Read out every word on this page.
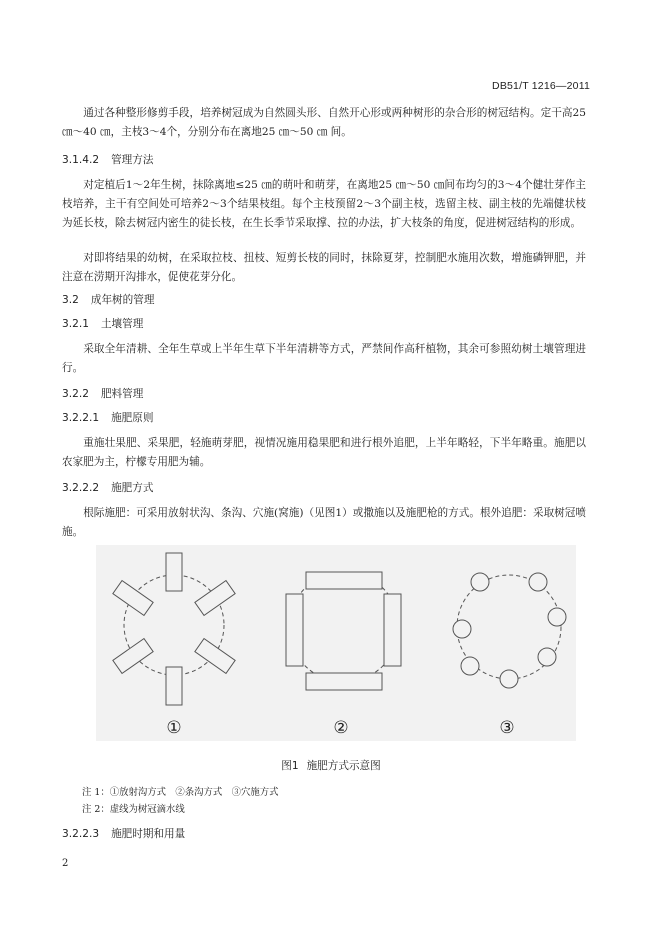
DB51/T 1216—2011

通过各种整形修剪手段，培养树冠成为自然圆头形、自然开心形或两种树形的杂合形的树冠结构。定干高25 ㎝～40 ㎝，主枝3～4个，分别分布在离地25 ㎝～50 ㎝ 间。

3.1.4.2 管理方法

对定植后1～2年生树，抹除离地≤25 ㎝的萌叶和萌芽，在离地25 ㎝～50 ㎝间布均匀的3～4个健壮芽作主枝培养，主干有空间处可培养2～3个结果枝组。每个主枝预留2～3个副主枝，选留主枝、副主枝的先端健状枝为延长枝，除去树冠内密生的徒长枝，在生长季节采取撑、拉的办法，扩大枝条的角度，促进树冠结构的形成。

对即将结果的幼树，在采取拉枝、扭枝、短剪长枝的同时，抹除夏芽，控制肥水施用次数，增施磷钾肥，并注意在涝期开沟排水，促使花芽分化。

3.2 成年树的管理
3.2.1 土壤管理

采取全年清耕、全年生草或上半年生草下半年清耕等方式，严禁间作高秆植物，其余可参照幼树土壤管理进行。

3.2.2 肥料管理
3.2.2.1 施肥原则

重施壮果肥、采果肥，轻施萌芽肥，视情况施用稳果肥和进行根外追肥，上半年略轻，下半年略重。施肥以农家肥为主，柠檬专用肥为辅。

3.2.2.2 施肥方式

根际施肥：可采用放射状沟、条沟、穴施(窝施)（见图1）或撒施以及施肥枪的方式。根外追肥：采取树冠喷施。

①	②	③
图1 施肥方式示意图
注 1：①放射沟方式　②条沟方式　③穴施方式
注 2：虚线为树冠滴水线
3.2.2.3 施肥时期和用量
2
